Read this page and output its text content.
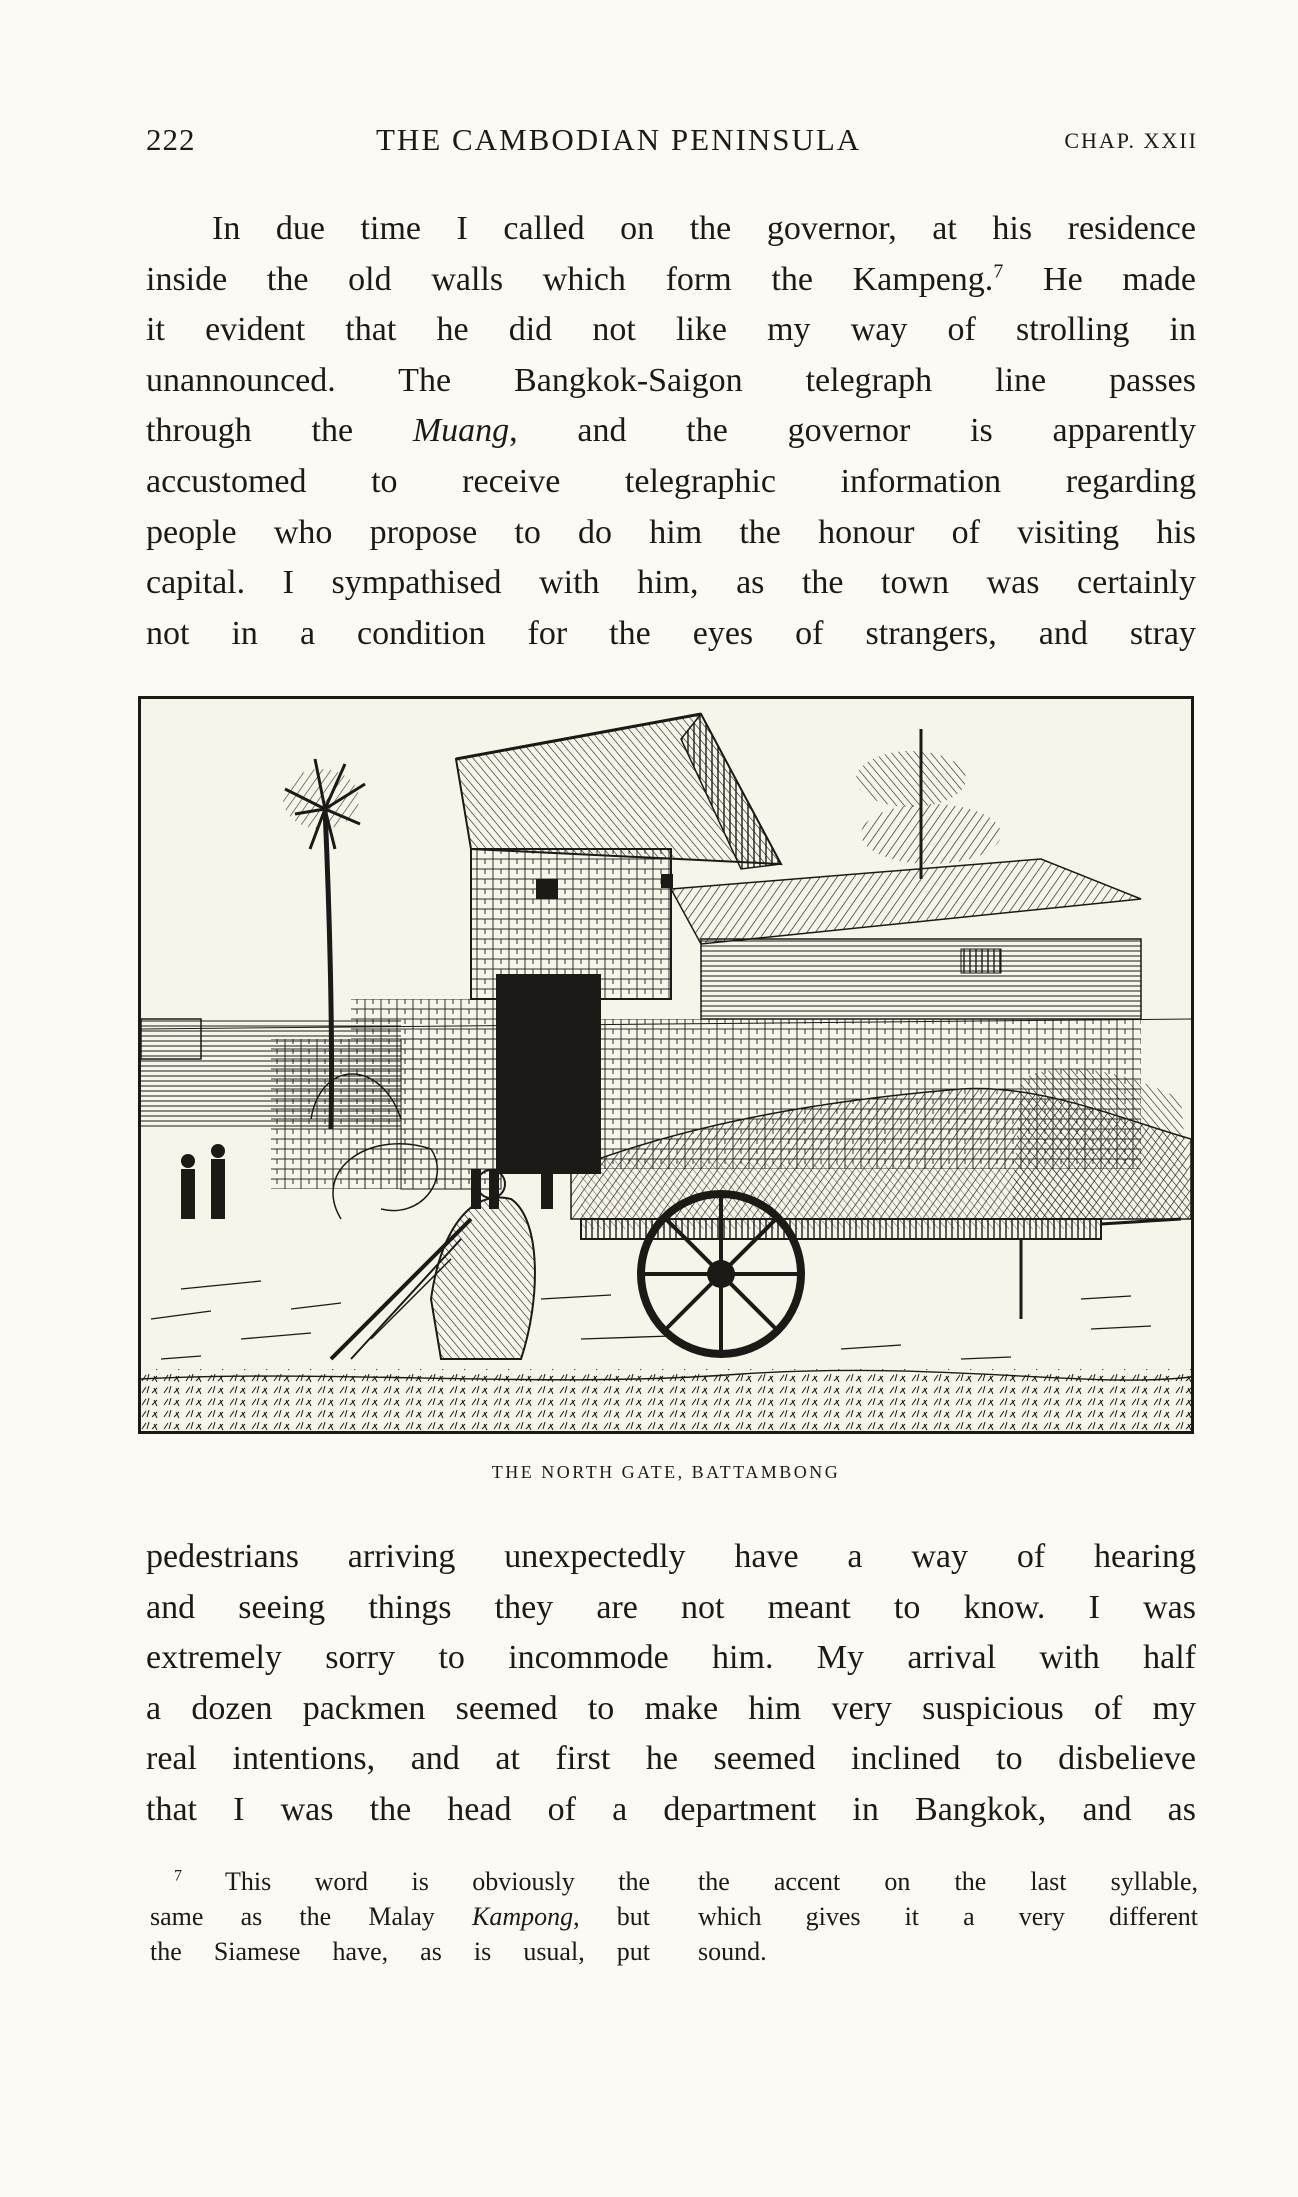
222	THE CAMBODIAN PENINSULA	CHAP. XXII
In due time I called on the governor, at his residence
inside the old walls which form the Kampeng.$^7$ He made
it evident that he did not like my way of strolling in
unannounced. The Bangkok-Saigon telegraph line passes
through the Muang, and the governor is apparently
accustomed to receive telegraphic information regarding
people who propose to do him the honour of visiting his
capital. I sympathised with him, as the town was certainly
not in a condition for the eyes of strangers, and stray
THE NORTH GATE, BATTAMBONG
pedestrians arriving unexpectedly have a way of hearing
and seeing things they are not meant to know. I was
extremely sorry to incommode him. My arrival with half
a dozen packmen seemed to make him very suspicious of my
real intentions, and at first he seemed inclined to disbelieve
that I was the head of a department in Bangkok, and as
$^7$ This word is obviously the
same as the Malay Kampong, but
the Siamese have, as is usual, put
the accent on the last syllable,
which gives it a very different
sound.
